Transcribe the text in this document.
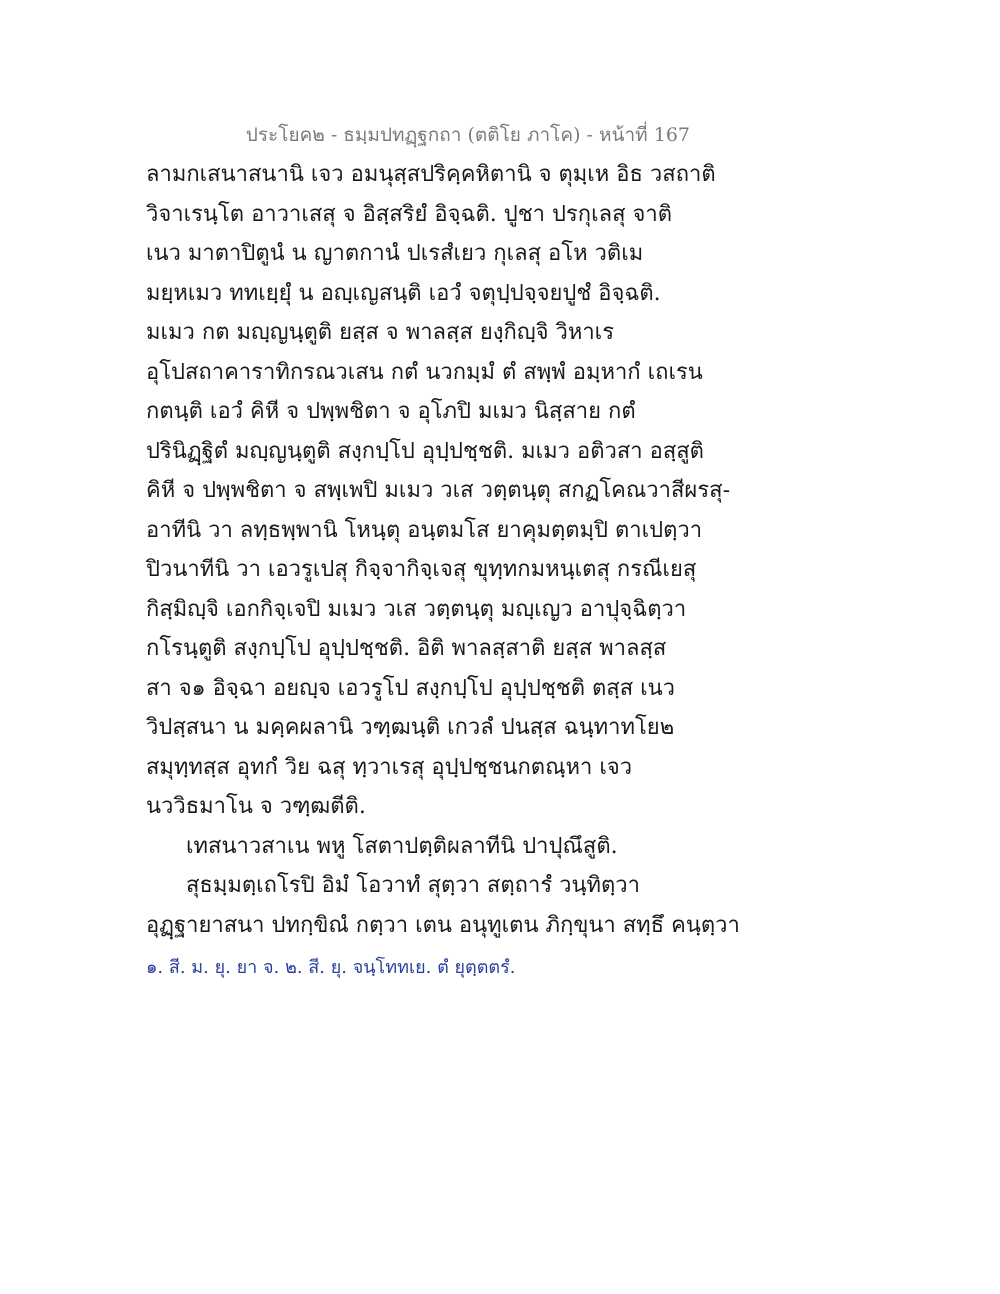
ประโยค๒ - ธมฺมปทฏฺฐกถา (ตติโย ภาโค) - หน้าที่ 167
ลามกเสนาสนานิ เจว อมนุสฺสปริคฺคหิตานิ จ ตุมฺเห อิธ วสถาติ
วิจาเรนฺโต อาวาเสสุ จ อิสฺสริยํ อิจฺฉติ. ปูชา ปรกุเลสุ จาติ
เนว มาตาปิตูนํ น ญาตกานํ ปเรสํเยว กุเลสุ อโห วติเม
มยฺหเมว ททเยฺยุํ น อญฺเญสนฺติ เอวํ จตุปฺปจฺจยปูชํ อิจฺฉติ.
มเมว กต มญฺญนฺตูติ ยสฺส จ พาลสฺส ยงฺกิญฺจิ วิหาเร
อุโปสถาคาราทิกรณวเสน กตํ นวกมฺมํ ตํ สพฺพํ อมฺหากํ เถเรน
กตนฺติ เอวํ คิหี จ ปพฺพชิตา จ อุโภปิ มเมว นิสฺสาย กตํ
ปรินิฏฺฐิตํ มญฺญนฺตูติ สงฺกปฺโป อุปฺปชฺชติ. มเมว อติวสา อสฺสูติ
คิหี จ ปพฺพชิตา จ สพฺเพปิ มเมว วเส วตฺตนฺตุ สกฏโคณวาสีผรสุ-
อาทีนิ วา ลทฺธพฺพานิ โหนฺตุ อนฺตมโส ยาคุมตฺตมฺปิ ตาเปตฺวา
ปิวนาทีนิ วา เอวรูเปสุ กิจฺจากิจฺเจสุ ขุทฺทกมหนฺเตสุ กรณีเยสุ
กิสฺมิญฺจิ เอกกิจฺเจปิ มเมว วเส วตฺตนฺตุ มญฺเญว อาปุจฺฉิตฺวา
กโรนฺตูติ สงฺกปฺโป อุปฺปชฺชติ. อิติ พาลสฺสาติ ยสฺส พาลสฺส
สา จ๑ อิจฺฉา อยญฺจ เอวรูโป สงฺกปฺโป อุปฺปชฺชติ ตสฺส เนว
วิปสฺสนา น มคฺคผลานิ วฑฺฒนฺติ เกวลํ ปนสฺส ฉนฺทาทโย๒
สมุทฺทสฺส อุทกํ วิย ฉสุ ทฺวาเรสุ อุปฺปชฺชนกตณฺหา เจว
นววิธมาโน จ วฑฺฒตีติ.
เทสนาวสาเน พหู โสตาปตฺติผลาทีนิ ปาปุณึสูติ.
สุธมฺมตฺเถโรปิ อิมํ โอวาทํ สุตฺวา สตฺถารํ วนฺทิตฺวา
อุฏฺฐายาสนา ปทกฺขิณํ กตฺวา เตน อนุทูเตน ภิกฺขุนา สทฺธึ คนฺตฺวา
๑. สี. ม. ยุ. ยา จ. ๒. สี. ยุ. จนฺโททเย. ตํ ยุตฺตตรํ.
